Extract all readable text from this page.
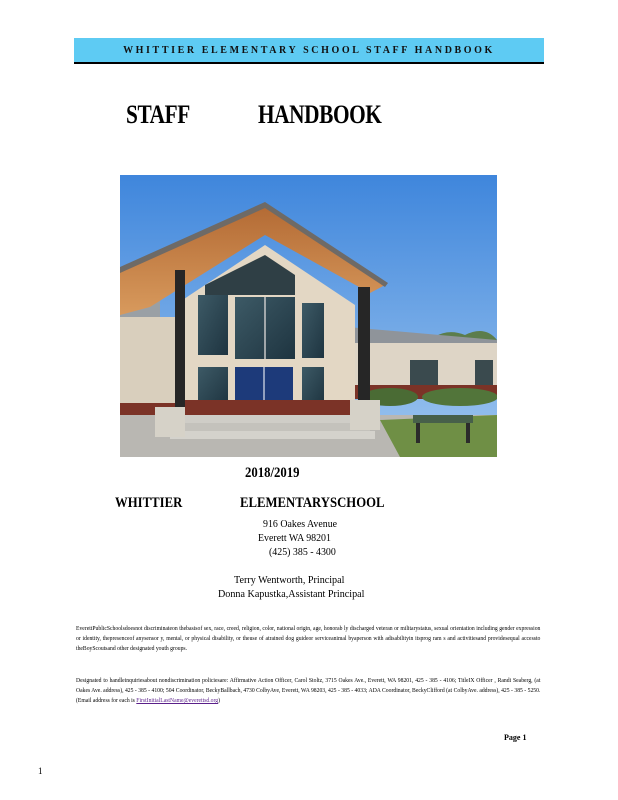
WHITTIER ELEMENTARY SCHOOL STAFF HANDBOOK
STAFF	HANDBOOK
2018/2019
WHITTIER	ELEMENTARYSCHOOL
916 Oakes Avenue
Everett WA 98201
(425) 385 - 4300
Terry Wentworth, Principal
Donna Kapustka,Assistant Principal
EverettPublicSchoolsdoesnot discriminateon thebasisof sex, race, creed, religion, color, national origin, age, honorab ly discharged veteran or militarystatus, sexual orientation including gender expression or identity, thepresenceof anysensor y, mental, or physical disability, or theuse of atrained dog guideor serviceanimal byaperson with adisabilityin itsprog ram s and activitiesand providesequal accessto theBoyScoutsand other designated youth groups.
Designated to handleinquiriesabout nondiscrimination policiesare: Affirmative Action Officer, Carol Stoltz, 3715 Oakes Ave., Everett, WA 98201, 425 - 385 - 4106; TitleIX Officer , Randi Seaberg, (at Oakes Ave. address), 425 - 385 - 4100; 504 Coordinator, BeckyBallbach, 4730 ColbyAve, Everett, WA 98203, 425 - 385 - 4033; ADA Coordinator, BeckyClifford (at ColbyAve. address), 425 - 385 - 5250. (Email address for each is FirstInitialLastName@everettsd.org)
Page 1
1
